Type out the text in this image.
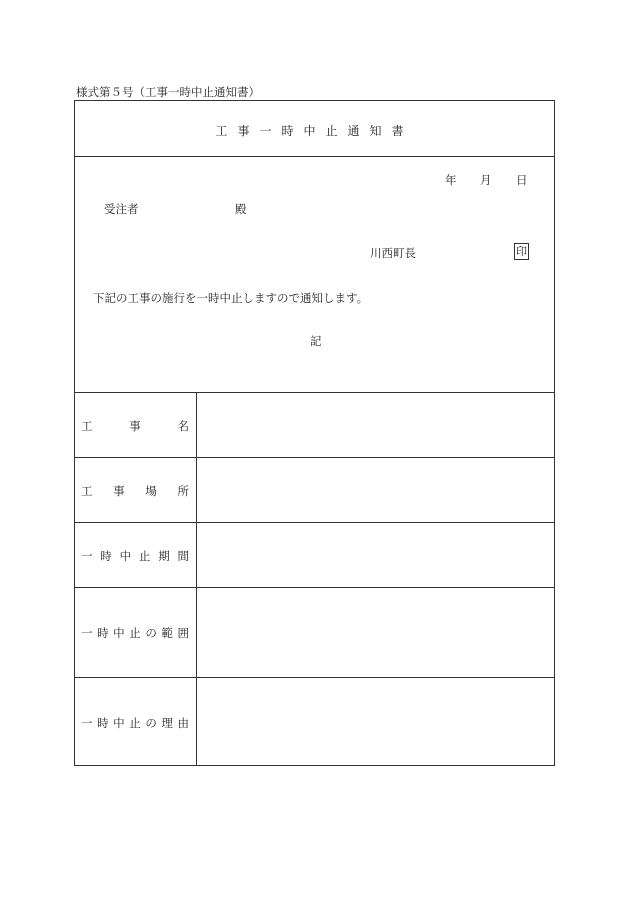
様式第５号（工事一時中止通知書）
工事一時中止通知書
年 月 日
受注者	殿
川西町長	印
下記の工事の施行を一時中止しますので通知します。
記
工	事	名
工 事 場 所
一 時 中 止 期 間
一 時 中 止 の 範 囲
一 時 中 止 の 理 由
